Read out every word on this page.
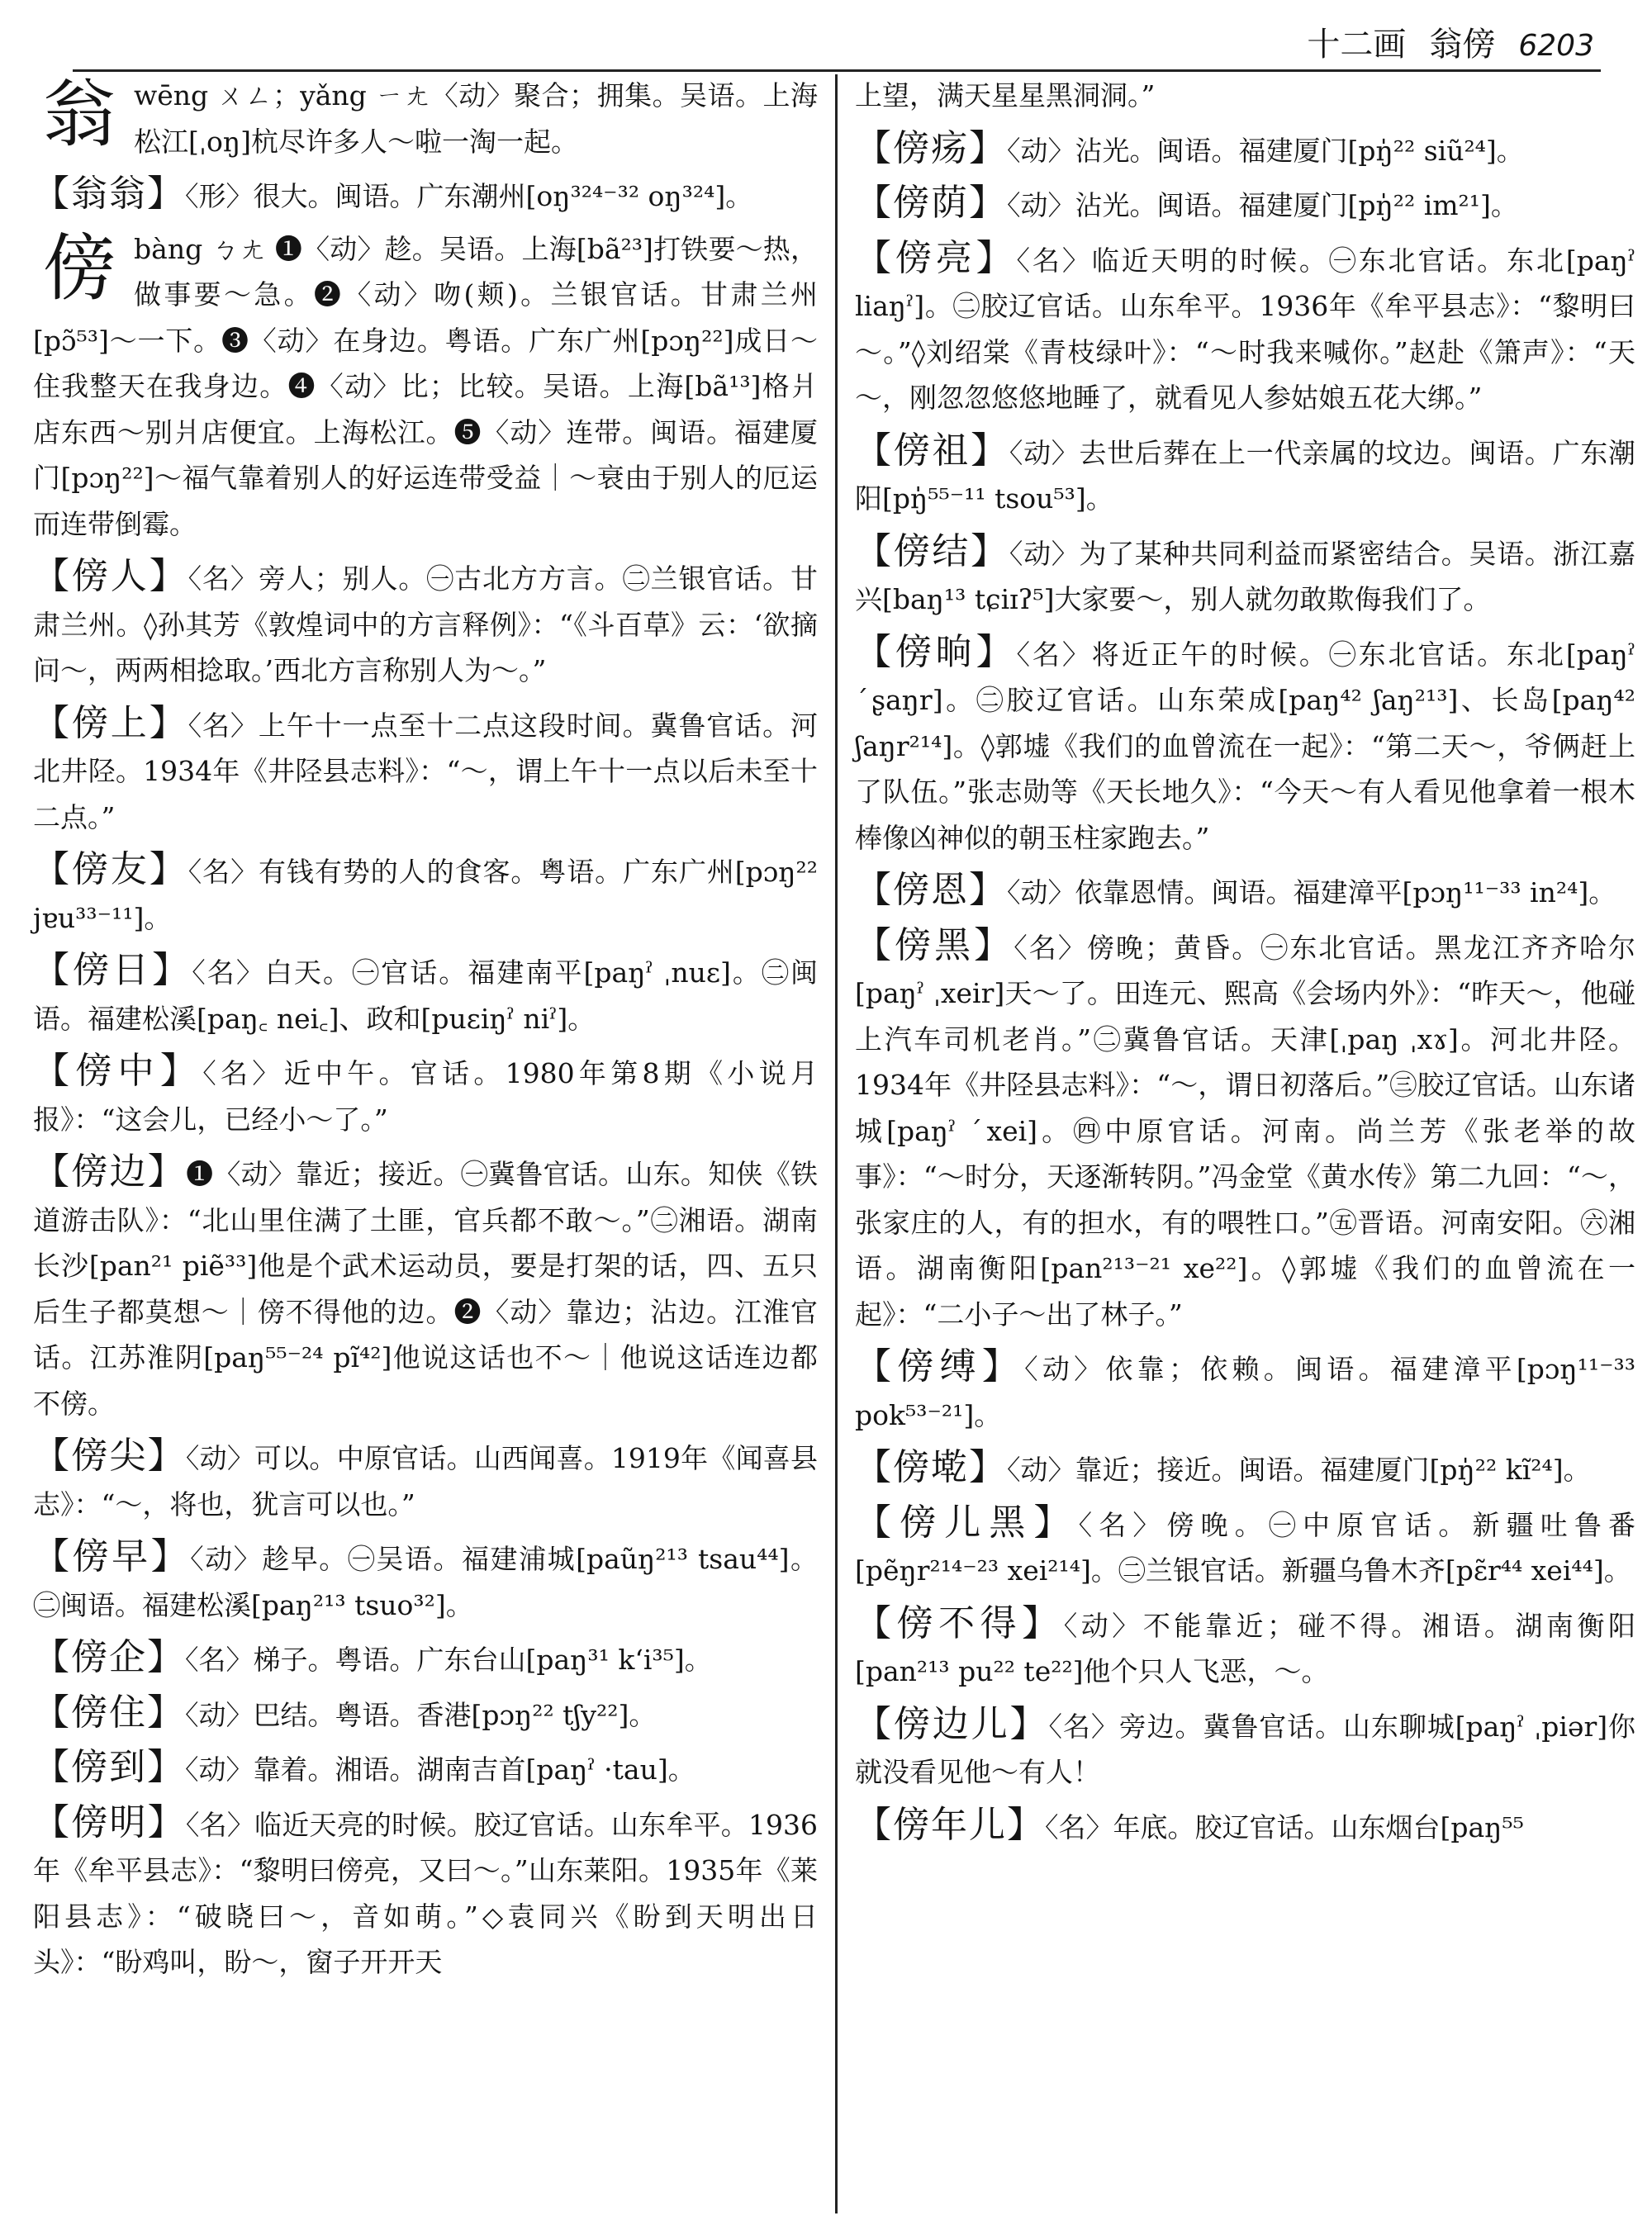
十二画 翁傍 6203
翁 wēng ㄨㄥ；yǎng ㄧㄤ〈动〉聚合；拥集。吴语。上海松江[ˌoŋ]杭尽许多人～啦一淘一起。
【翁翁】〈形〉很大。闽语。广东潮州[oŋ³²⁴⁻³² oŋ³²⁴]。
傍 bàng ㄅㄤ ❶〈动〉趁。吴语。上海[bã²³]打铁要～热，做事要～急。❷〈动〉吻(颊)。兰银官话。甘肃兰州[pɔ̃⁵³]～一下。❸〈动〉在身边。粤语。广东广州[pɔŋ²²]成日～住我整天在我身边。❹〈动〉比；比较。吴语。上海[bã¹³]格爿店东西～别爿店便宜。上海松江。❺〈动〉连带。闽语。福建厦门[pɔŋ²²]～福气靠着别人的好运连带受益｜～衰由于别人的厄运而连带倒霉。
【傍人】〈名〉旁人；别人。㊀古北方方言。㊁兰银官话。甘肃兰州。◊孙其芳《敦煌词中的方言释例》：“《斗百草》云：‘欲摘问～，两两相捻取。’西北方言称别人为～。”
【傍上】〈名〉上午十一点至十二点这段时间。冀鲁官话。河北井陉。1934年《井陉县志料》：“～，谓上午十一点以后未至十二点。”
【傍友】〈名〉有钱有势的人的食客。粤语。广东广州[pɔŋ²² jɐu³³⁻¹¹]。
【傍日】〈名〉白天。㊀官话。福建南平[paŋˀ ˌnuɛ]。㊁闽语。福建松溪[paŋ꜀ nei꜀]、政和[puɛiŋˀ niˀ]。
【傍中】〈名〉近中午。官话。1980年第8期《小说月报》：“这会儿，已经小～了。”
【傍边】❶〈动〉靠近；接近。㊀冀鲁官话。山东。知侠《铁道游击队》：“北山里住满了土匪，官兵都不敢～。”㊁湘语。湖南长沙[pan²¹ piẽ³³]他是个武术运动员，要是打架的话，四、五只后生子都莫想～｜傍不得他的边。❷〈动〉靠边；沾边。江淮官话。江苏淮阴[paŋ⁵⁵⁻²⁴ pĩ⁴²]他说这话也不～｜他说这话连边都不傍。
【傍尖】〈动〉可以。中原官话。山西闻喜。1919年《闻喜县志》：“～，将也，犹言可以也。”
【傍早】〈动〉趁早。㊀吴语。福建浦城[paũŋ²¹³ tsau⁴⁴]。㊁闽语。福建松溪[paŋ²¹³ tsuo³²]。
【傍企】〈名〉梯子。粤语。广东台山[paŋ³¹ kʻi³⁵]。
【傍住】〈动〉巴结。粤语。香港[pɔŋ²² tʃy²²]。
【傍到】〈动〉靠着。湘语。湖南吉首[paŋˀ ·tau]。
【傍明】〈名〉临近天亮的时候。胶辽官话。山东牟平。1936年《牟平县志》：“黎明曰傍亮，又曰～。”山东莱阳。1935年《莱阳县志》：“破晓曰～，音如萌。”◇袁同兴《盼到天明出日头》：“盼鸡叫，盼～，窗子开开天
上望，满天星星黑洞洞。”
【傍疡】〈动〉沾光。闽语。福建厦门[pŋ̍²² siũ²⁴]。
【傍荫】〈动〉沾光。闽语。福建厦门[pŋ̍²² im²¹]。
【傍亮】〈名〉临近天明的时候。㊀东北官话。东北[paŋˀ liaŋˀ]。㊁胶辽官话。山东牟平。1936年《牟平县志》：“黎明曰～。”◊刘绍棠《青枝绿叶》：“～时我来喊你。”赵赴《箫声》：“天～，刚忽忽悠悠地睡了，就看见人参姑娘五花大绑。”
【傍祖】〈动〉去世后葬在上一代亲属的坟边。闽语。广东潮阳[pŋ̍⁵⁵⁻¹¹ tsou⁵³]。
【傍结】〈动〉为了某种共同利益而紧密结合。吴语。浙江嘉兴[baŋ¹³ tɕiɪʔ⁵]大家要～，别人就勿敢欺侮我们了。
【傍晌】〈名〉将近正午的时候。㊀东北官话。东北[paŋˀ ˊʂaŋr]。㊁胶辽官话。山东荣成[paŋ⁴² ʃaŋ²¹³]、长岛[paŋ⁴² ʃaŋr²¹⁴]。◊郭墟《我们的血曾流在一起》：“第二天～，爷俩赶上了队伍。”张志勋等《天长地久》：“今天～有人看见他拿着一根木棒像凶神似的朝玉柱家跑去。”
【傍恩】〈动〉依靠恩情。闽语。福建漳平[pɔŋ¹¹⁻³³ in²⁴]。
【傍黑】〈名〉傍晚；黄昏。㊀东北官话。黑龙江齐齐哈尔[paŋˀ ˌxeir]天～了。田连元、熙高《会场内外》：“昨天～，他碰上汽车司机老肖。”㊁冀鲁官话。天津[ˌpaŋ ˌxɤ]。河北井陉。1934年《井陉县志料》：“～，谓日初落后。”㊂胶辽官话。山东诸城[paŋˀ ˊxei]。㊃中原官话。河南。尚兰芳《张老举的故事》：“～时分，天逐渐转阴。”冯金堂《黄水传》第二九回：“～，张家庄的人，有的担水，有的喂牲口。”㊄晋语。河南安阳。㊅湘语。湖南衡阳[pan²¹³⁻²¹ xe²²]。◊郭墟《我们的血曾流在一起》：“二小子～出了林子。”
【傍缚】〈动〉依靠；依赖。闽语。福建漳平[pɔŋ¹¹⁻³³ pok⁵³⁻²¹]。
【傍墘】〈动〉靠近；接近。闽语。福建厦门[pŋ̍²² kĩ²⁴]。
【傍儿黑】〈名〉傍晚。㊀中原官话。新疆吐鲁番[pẽŋr²¹⁴⁻²³ xei²¹⁴]。㊁兰银官话。新疆乌鲁木齐[pɛ̃r⁴⁴ xei⁴⁴]。
【傍不得】〈动〉不能靠近；碰不得。湘语。湖南衡阳[pan²¹³ pu²² te²²]他个只人飞恶，～。
【傍边儿】〈名〉旁边。冀鲁官话。山东聊城[paŋˀ ˌpiər]你就没看见他～有人！
【傍年儿】〈名〉年底。胶辽官话。山东烟台[paŋ⁵⁵
